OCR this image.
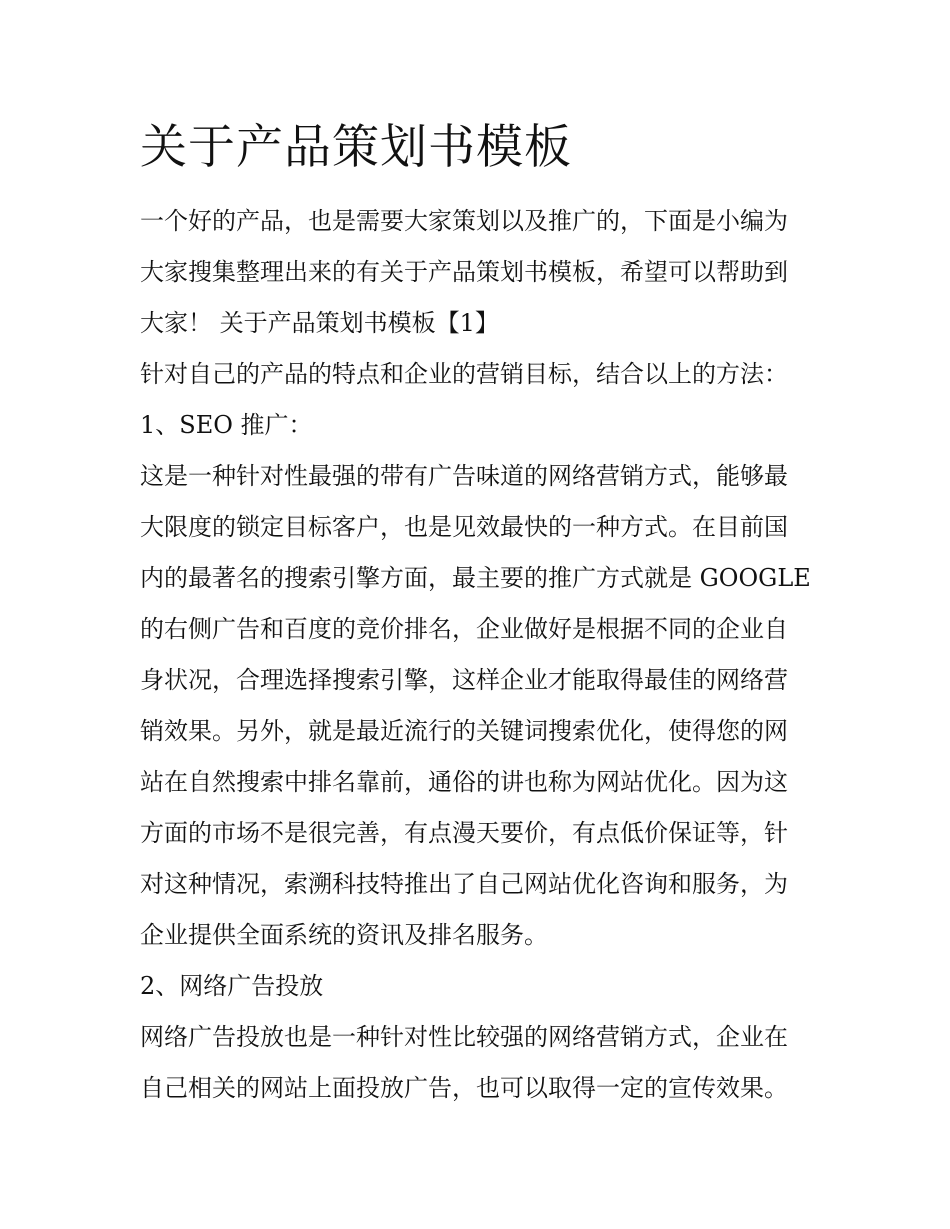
关于产品策划书模板
一个好的产品，也是需要大家策划以及推广的，下面是小编为
大家搜集整理出来的有关于产品策划书模板，希望可以帮助到
大家！ 关于产品策划书模板【1】
针对自己的产品的特点和企业的营销目标，结合以上的方法：
1、SEO 推广：
这是一种针对性最强的带有广告味道的网络营销方式，能够最
大限度的锁定目标客户，也是见效最快的一种方式。在目前国
内的最著名的搜索引擎方面，最主要的推广方式就是 GOOGLE
的右侧广告和百度的竞价排名，企业做好是根据不同的企业自
身状况，合理选择搜索引擎，这样企业才能取得最佳的网络营
销效果。另外，就是最近流行的关键词搜索优化，使得您的网
站在自然搜索中排名靠前，通俗的讲也称为网站优化。因为这
方面的市场不是很完善，有点漫天要价，有点低价保证等，针
对这种情况，索溯科技特推出了自己网站优化咨询和服务，为
企业提供全面系统的资讯及排名服务。
2、网络广告投放
网络广告投放也是一种针对性比较强的网络营销方式，企业在
自己相关的网站上面投放广告，也可以取得一定的宣传效果。
